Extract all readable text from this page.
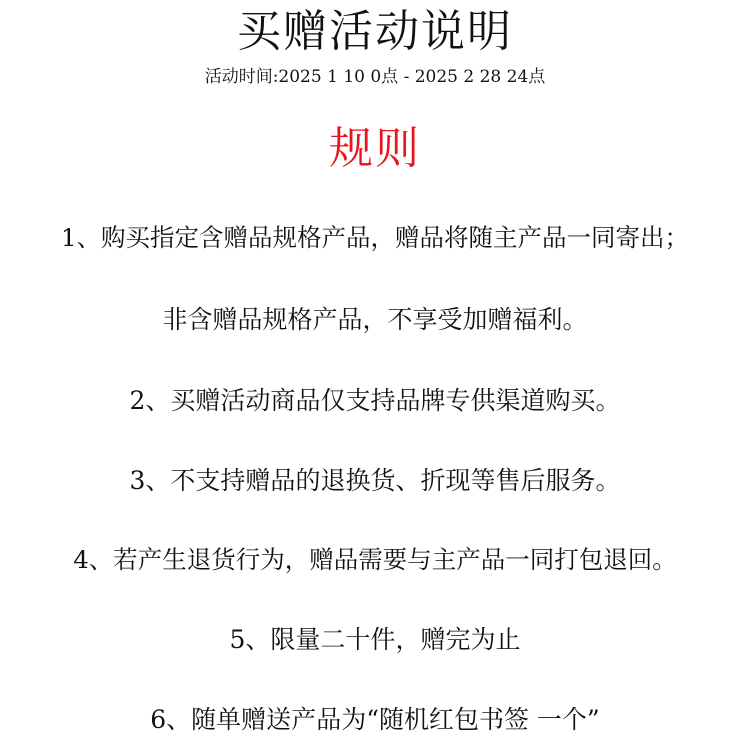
买赠活动说明
活动时间:2025 1 10 0点 - 2025 2 28 24点
规则
1、购买指定含赠品规格产品，赠品将随主产品一同寄出；
非含赠品规格产品，不享受加赠福利。
2、买赠活动商品仅支持品牌专供渠道购买。
3、不支持赠品的退换货、折现等售后服务。
4、若产生退货行为，赠品需要与主产品一同打包退回。
5、限量二十件，赠完为止
6、随单赠送产品为“随机红包书签 一个”
